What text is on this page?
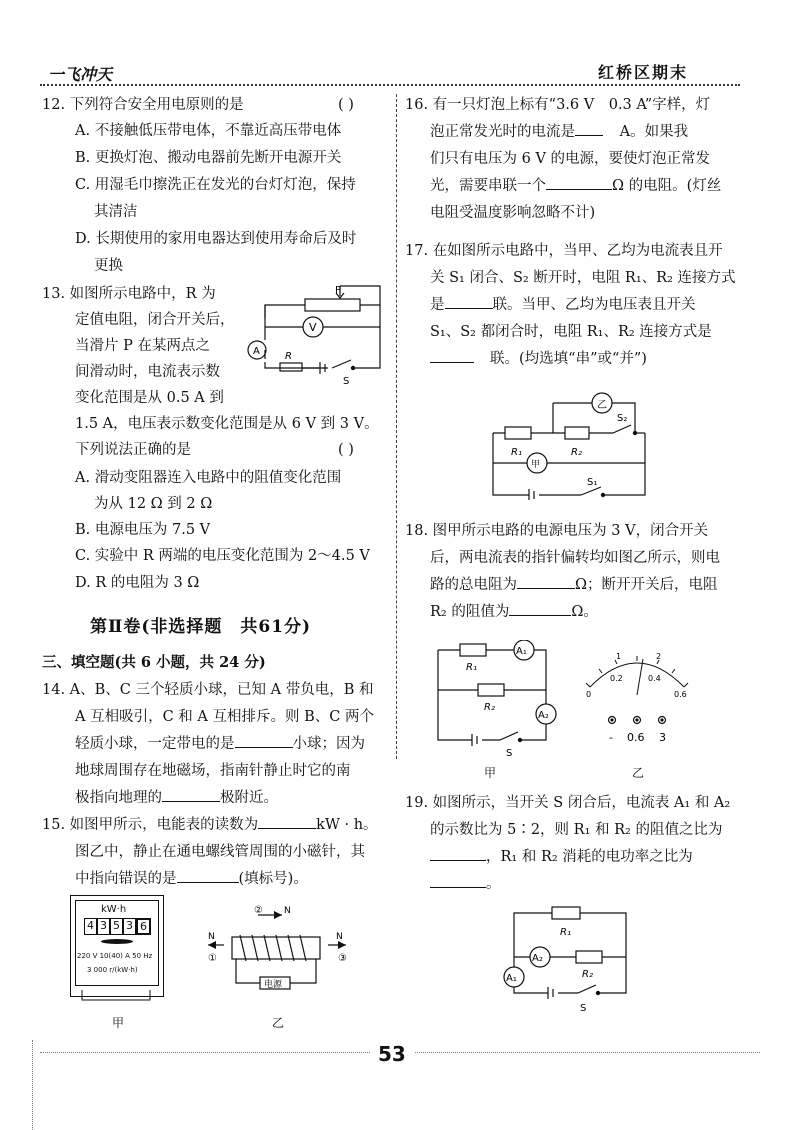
一飞冲天	红桥区期末
12. 下列符合安全用电原则的是	( )
A. 不接触低压带电体，不靠近高压带电体
B. 更换灯泡、搬动电器前先断开电源开关
C. 用湿毛巾擦洗正在发光的台灯灯泡，保持
其清洁
D. 长期使用的家用电器达到使用寿命后及时
更换
13. 如图所示电路中，R 为
定值电阻，闭合开关后，
当滑片 P 在某两点之
间滑动时，电流表示数
变化范围是从 0.5 A 到
1.5 A，电压表示数变化范围是从 6 V 到 3 V。
下列说法正确的是	( )
A. 滑动变阻器连入电路中的阻值变化范围
为从 12 Ω 到 2 Ω
B. 电源电压为 7.5 V
C. 实验中 R 两端的电压变化范围为 2～4.5 V
D. R 的电阻为 3 Ω
P
V
A	R
S
第Ⅱ卷(非选择题　共61分)
三、填空题(共 6 小题，共 24 分)
14. A、B、C 三个轻质小球，已知 A 带负电，B 和
A 互相吸引，C 和 A 互相排斥。则 B、C 两个
轻质小球，一定带电的是	小球；因为
地球周围存在地磁场，指南针静止时它的南
极指向地理的	极附近。
15. 如图甲所示，电能表的读数为	kW · h。
图乙中，静止在通电螺线管周围的小磁针，其
中指向错误的是	(填标号)。
kW·h
4 3 5 3 6
220 V 10(40) A 50 Hz
3 000 r/(kW·h)
甲
N	N
N
②
①	③
电源
乙
16. 有一只灯泡上标有“3.6 V　0.3 A”字样，灯
泡正常发光时的电流是	A。如果我
们只有电压为 6 V 的电源，要使灯泡正常发
光，需要串联一个	Ω 的电阻。(灯丝
电阻受温度影响忽略不计)
17. 在如图所示电路中，当甲、乙均为电流表且开
关 S₁ 闭合、S₂ 断开时，电阻 R₁、R₂ 连接方式
是	联。当甲、乙均为电压表且开关
S₁、S₂ 都闭合时，电阻 R₁、R₂ 连接方式是
联。(均选填“串”或“并”)
乙
甲
R₁	R₂
S₂
S₁
18. 图甲所示电路的电源电压为 3 V，闭合开关
后，两电流表的指针偏转均如图乙所示，则电
路的总电阻为	Ω；断开开关后，电阻
R₂ 的阻值为	Ω。
R₁
R₂
A₁
A₂
S
甲
0
0.2	0.4
0.6
1	2
- 0.6 3
乙
19. 如图所示，当开关 S 闭合后，电流表 A₁ 和 A₂
的示数比为 5∶2，则 R₁ 和 R₂ 的阻值之比为
，R₁ 和 R₂ 消耗的电功率之比为
。
R₁
R₂
A₂
A₁
S
53
